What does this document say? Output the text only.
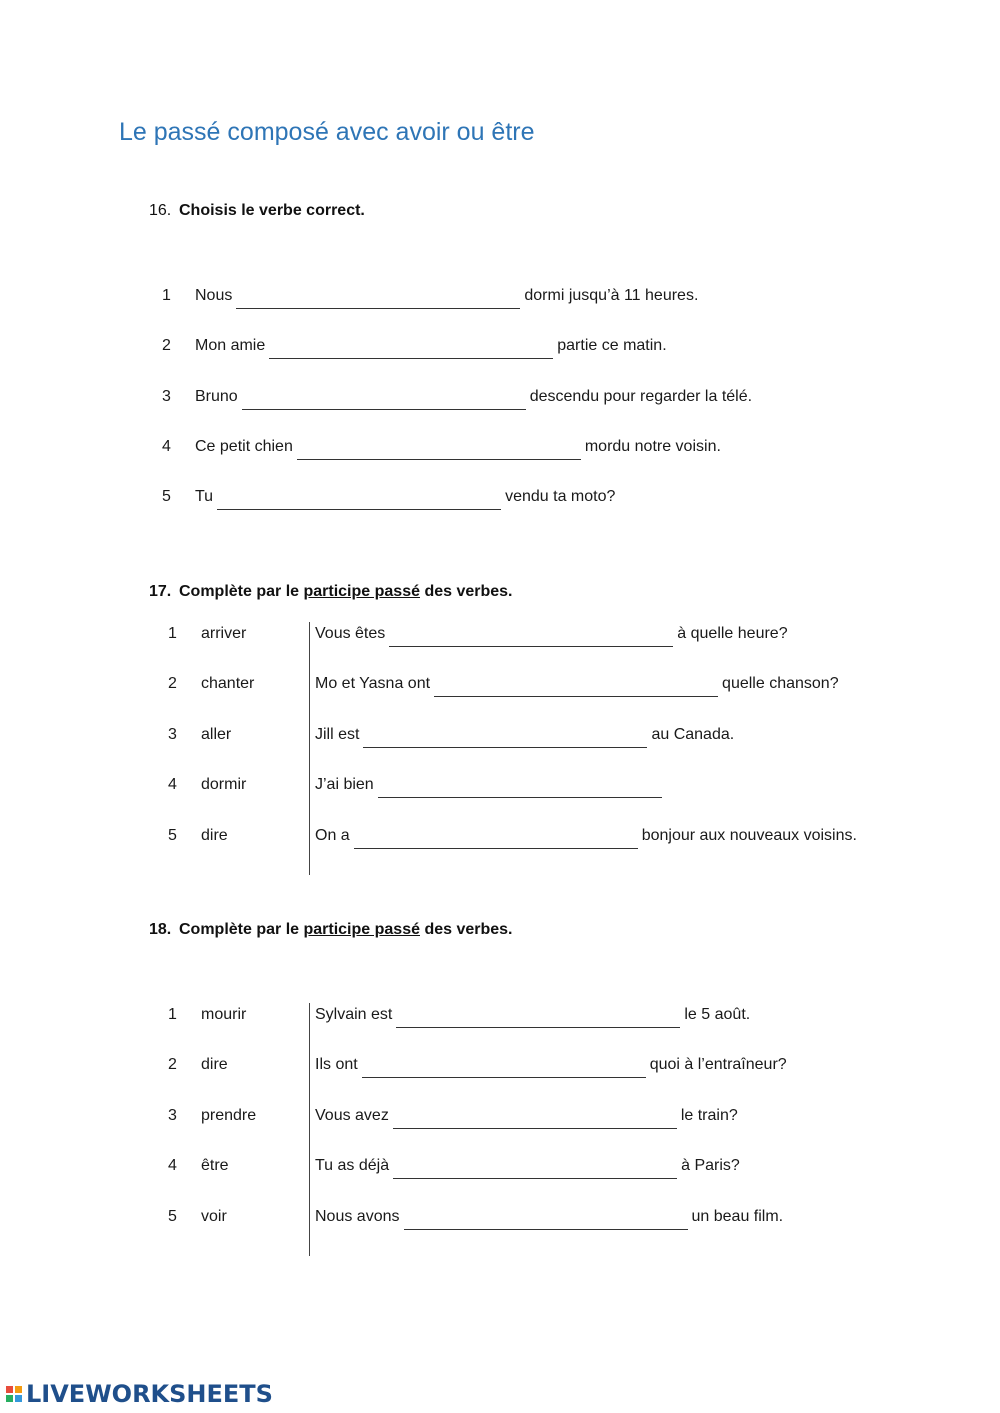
Le passé composé avec avoir ou être
16. Choisis le verbe correct.
1 Nous	dormi jusqu’à 11 heures.
2 Mon amie	partie ce matin.
3 Bruno	descendu pour regarder la télé.
4 Ce petit chien	mordu notre voisin.
5 Tu	vendu ta moto?
17. Complète par le participe passé des verbes.
1 arriver	Vous êtes	à quelle heure?
2 chanter	Mo et Yasna ont	quelle chanson?
3 aller	Jill est	au Canada.
4 dormir	J’ai bien
5 dire	On a	bonjour aux nouveaux voisins.
18. Complète par le participe passé des verbes.
1 mourir	Sylvain est	le 5 août.
2 dire	Ils ont	quoi à l’entraîneur?
3 prendre	Vous avez	le train?
4 être	Tu as déjà	à Paris?
5 voir	Nous avons	un beau film.
LIVEWORKSHEETS
